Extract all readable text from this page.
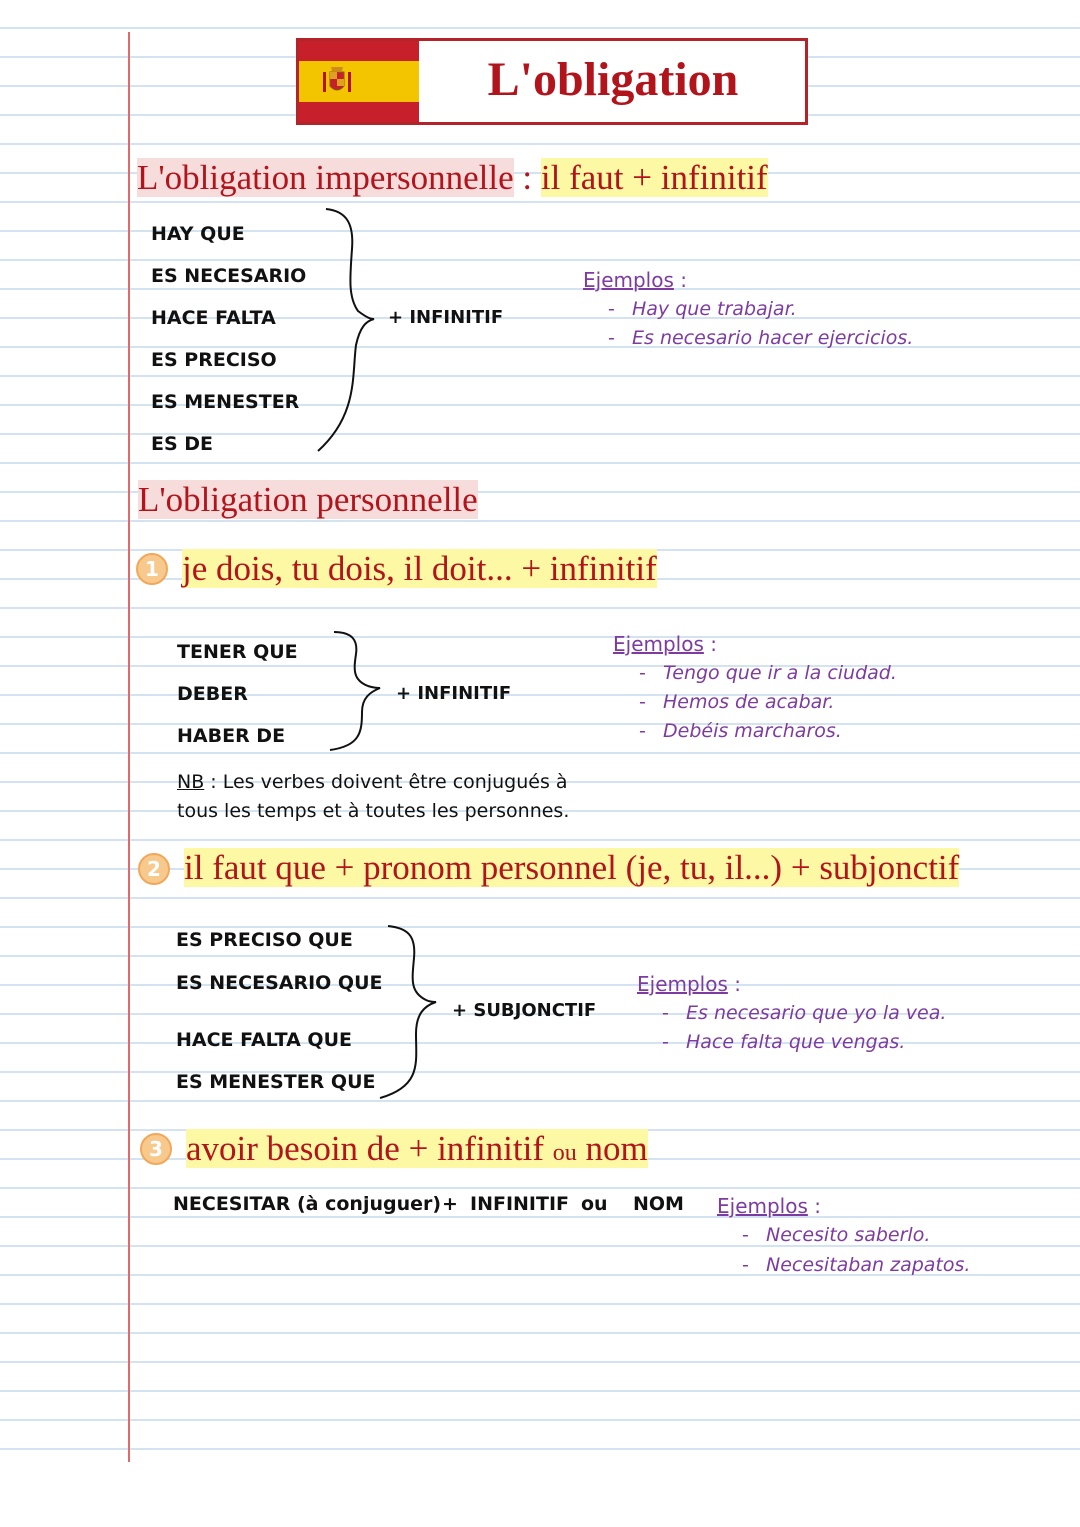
L'obligation
L'obligation impersonnelle : il faut + infinitif
HAY QUE
ES NECESARIO
HACE FALTA
ES PRECISO
ES MENESTER
ES DE
+ INFINITIF
Ejemplos :
- Hay que trabajar.
- Es necesario hacer ejercicios.
L'obligation personnelle
1 je dois, tu dois, il doit... + infinitif
TENER QUE
DEBER
HABER DE
+ INFINITIF
Ejemplos :
- Tengo que ir a la ciudad.
- Hemos de acabar.
- Debéis marcharos.
NB : Les verbes doivent être conjugués à
tous les temps et à toutes les personnes.
2 il faut que + pronom personnel (je, tu, il...) + subjonctif
ES PRECISO QUE
ES NECESARIO QUE
HACE FALTA QUE
ES MENESTER QUE
+ SUBJONCTIF
Ejemplos :
- Es necesario que yo la vea.
- Hace falta que vengas.
3 avoir besoin de + infinitif ou nom
NECESITAR (à conjuguer) + INFINITIF ou NOM Ejemplos :
- Necesito saberlo.
- Necesitaban zapatos.
